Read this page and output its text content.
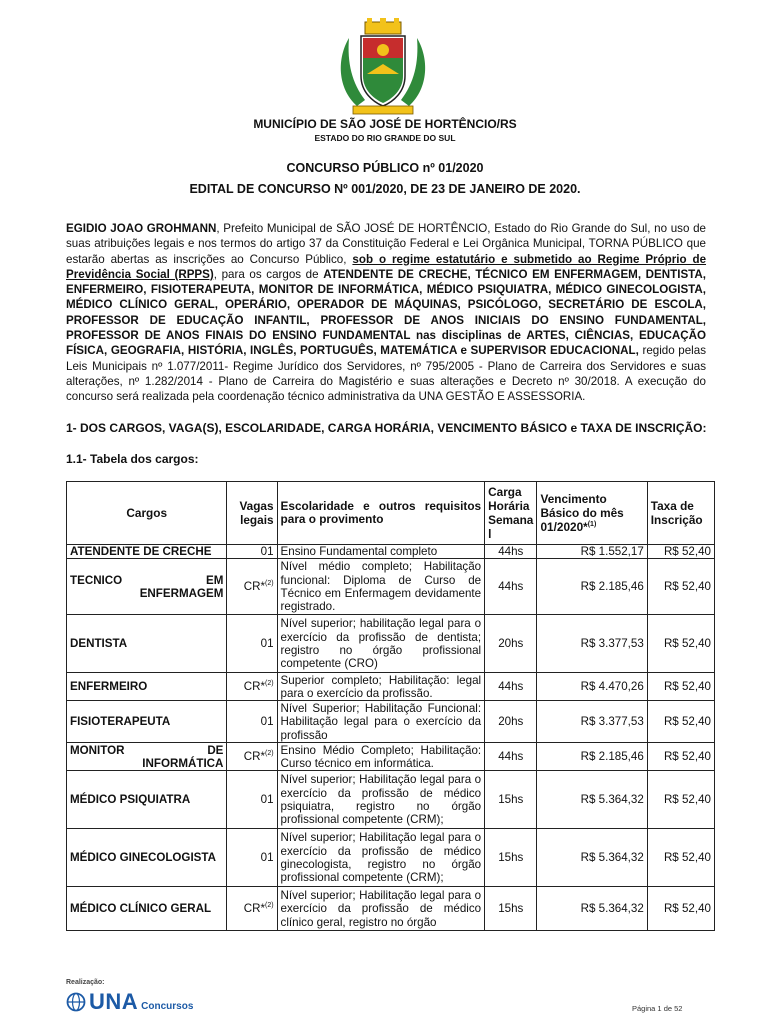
MUNICÍPIO DE SÃO JOSÉ DE HORTÊNCIO/RS
ESTADO DO RIO GRANDE DO SUL
CONCURSO PÚBLICO nº 01/2020
EDITAL DE CONCURSO Nº 001/2020, DE 23 DE JANEIRO DE 2020.
EGIDIO JOAO GROHMANN, Prefeito Municipal de SÃO JOSÉ DE HORTÊNCIO, Estado do Rio Grande do Sul, no uso de suas atribuições legais e nos termos do artigo 37 da Constituição Federal e Lei Orgânica Municipal, TORNA PÚBLICO que estarão abertas as inscrições ao Concurso Público, sob o regime estatutário e submetido ao Regime Próprio de Previdência Social (RPPS), para os cargos de ATENDENTE DE CRECHE, TÉCNICO EM ENFERMAGEM, DENTISTA, ENFERMEIRO, FISIOTERAPEUTA, MONITOR DE INFORMÁTICA, MÉDICO PSIQUIATRA, MÉDICO GINECOLOGISTA, MÉDICO CLÍNICO GERAL, OPERÁRIO, OPERADOR DE MÁQUINAS, PSICÓLOGO, SECRETÁRIO DE ESCOLA, PROFESSOR DE EDUCAÇÃO INFANTIL, PROFESSOR DE ANOS INICIAIS DO ENSINO FUNDAMENTAL, PROFESSOR DE ANOS FINAIS DO ENSINO FUNDAMENTAL nas disciplinas de ARTES, CIÊNCIAS, EDUCAÇÃO FÍSICA, GEOGRAFIA, HISTÓRIA, INGLÊS, PORTUGUÊS, MATEMÁTICA e SUPERVISOR EDUCACIONAL, regido pelas Leis Municipais nº 1.077/2011- Regime Jurídico dos Servidores, nº 795/2005 - Plano de Carreira dos Servidores e suas alterações, nº 1.282/2014 - Plano de Carreira do Magistério e suas alterações e Decreto nº 30/2018. A execução do concurso será realizada pela coordenação técnico administrativa da UNA GESTÃO E ASSESSORIA.
1- DOS CARGOS, VAGA(S), ESCOLARIDADE, CARGA HORÁRIA, VENCIMENTO BÁSICO e TAXA DE INSCRIÇÃO:
1.1- Tabela dos cargos:
Cargos	Vagas legais	Escolaridade e outros requisitos para o provimento	Carga Horária Semana l	Vencimento Básico do mês 01/2020*$^{(1)}$	Taxa de Inscrição
ATENDENTE DE CRECHE	01	Ensino Fundamental completo	44hs	R$ 1.552,17	R$ 52,40

TECNICO EM
ENFERMAGEM	CR*$^{(2)}$	Nível médio completo; Habilitação funcional: Diploma de Curso de Técnico em Enfermagem devidamente registrado.	44hs	R$ 2.185,46	R$ 52,40
DENTISTA	01	Nível superior; habilitação legal para o exercício da profissão de dentista; registro no órgão profissional competente (CRO)	20hs	R$ 3.377,53	R$ 52,40
ENFERMEIRO	CR*$^{(2)}$	Superior completo; Habilitação: legal para o exercício da profissão.	44hs	R$ 4.470,26	R$ 52,40
FISIOTERAPEUTA	01	Nível Superior; Habilitação Funcional: Habilitação legal para o exercício da profissão	20hs	R$ 3.377,53	R$ 52,40

MONITOR DE
INFORMÁTICA	CR*$^{(2)}$	Ensino Médio Completo; Habilitação: Curso técnico em informática.	44hs	R$ 2.185,46	R$ 52,40
MÉDICO PSIQUIATRA	01	Nível superior; Habilitação legal para o exercício da profissão de médico psiquiatra, registro no órgão profissional competente (CRM);	15hs	R$ 5.364,32	R$ 52,40
MÉDICO GINECOLOGISTA	01	Nível superior; Habilitação legal para o exercício da profissão de médico ginecologista, registro no órgão profissional competente (CRM);	15hs	R$ 5.364,32	R$ 52,40
MÉDICO CLÍNICO GERAL	CR*$^{(2)}$	Nível superior; Habilitação legal para o exercício da profissão de médico clínico geral, registro no órgão	15hs	R$ 5.364,32	R$ 52,40
Realização:
UNA Concursos	Página 1 de 52
